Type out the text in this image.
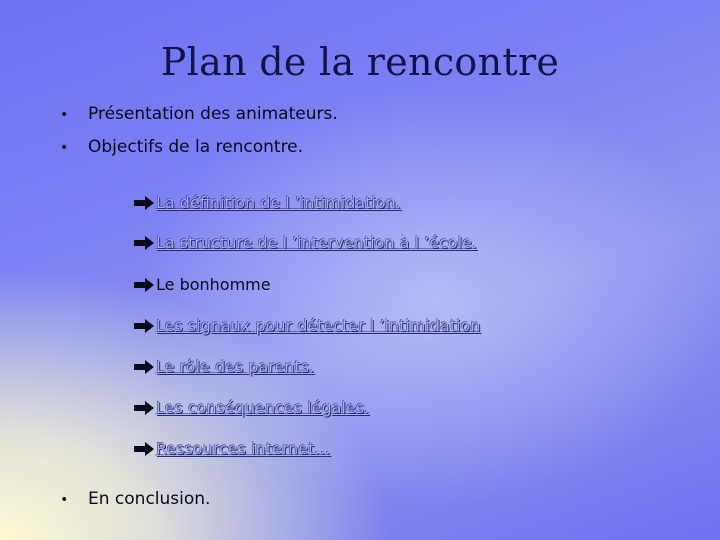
Plan de la rencontre
•	Présentation des animateurs.
•	Objectifs de la rencontre.
La définition de l ’intimidation.
La structure de l ’intervention à l ’école.
Le bonhomme
Les signaux pour détecter l ’intimidation
Le rôle des parents.
Les conséquences légales.
Ressources internet…
•	En conclusion.
